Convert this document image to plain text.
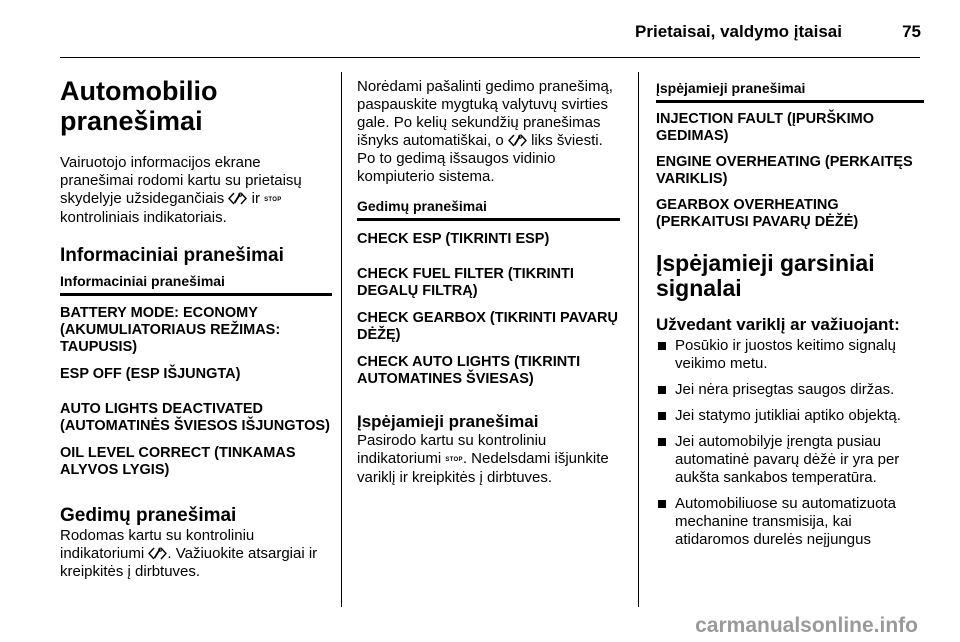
Prietaisai, valdymo įtaisai	75
Automobilio pranešimai

Vairuotojo informacijos ekrane pranešimai rodomi kartu su prietaisų skydelyje užsidegančiais ir STOP kontroliniais indikatoriais.

Informaciniai pranešimai
Informaciniai pranešimai

BATTERY MODE: ECONOMY (AKUMULIATORIAUS REŽIMAS: TAUPUSIS)

ESP OFF (ESP IŠJUNGTA)

AUTO LIGHTS DEACTIVATED (AUTOMATINĖS ŠVIESOS IŠJUNGTOS)

OIL LEVEL CORRECT (TINKAMAS ALYVOS LYGIS)

Gedimų pranešimai

Rodomas kartu su kontroliniu indikatoriumi . Važiuokite atsargiai ir kreipkitės į dirbtuves.

Norėdami pašalinti gedimo pranešimą, paspauskite mygtuką valytuvų svirties gale. Po kelių sekundžių pranešimas išnyks automatiškai, o liks šviesti. Po to gedimą išsaugos vidinio kompiuterio sistema.

Gedimų pranešimai

CHECK ESP (TIKRINTI ESP)

CHECK FUEL FILTER (TIKRINTI DEGALŲ FILTRĄ)

CHECK GEARBOX (TIKRINTI PAVARŲ DĖŽĘ)

CHECK AUTO LIGHTS (TIKRINTI AUTOMATINES ŠVIESAS)

Įspėjamieji pranešimai

Pasirodo kartu su kontroliniu indikatoriumi STOP. Nedelsdami išjunkite variklį ir kreipkitės į dirbtuves.

Įspėjamieji pranešimai

INJECTION FAULT (ĮPURŠKIMO GEDIMAS)

ENGINE OVERHEATING (PERKAITĘS VARIKLIS)

GEARBOX OVERHEATING (PERKAITUSI PAVARŲ DĖŽĖ)

Įspėjamieji garsiniai signalai
Užvedant variklį ar važiuojant:
Posūkio ir juostos keitimo signalų veikimo metu.
Jei nėra prisegtas saugos diržas.
Jei statymo jutikliai aptiko objektą.
Jei automobilyje įrengta pusiau automatinė pavarų dėžė ir yra per aukšta sankabos temperatūra.
Automobiliuose su automatizuota mechanine transmisija, kai atidaromos durelės neįjungus
carmanualsonline.info
